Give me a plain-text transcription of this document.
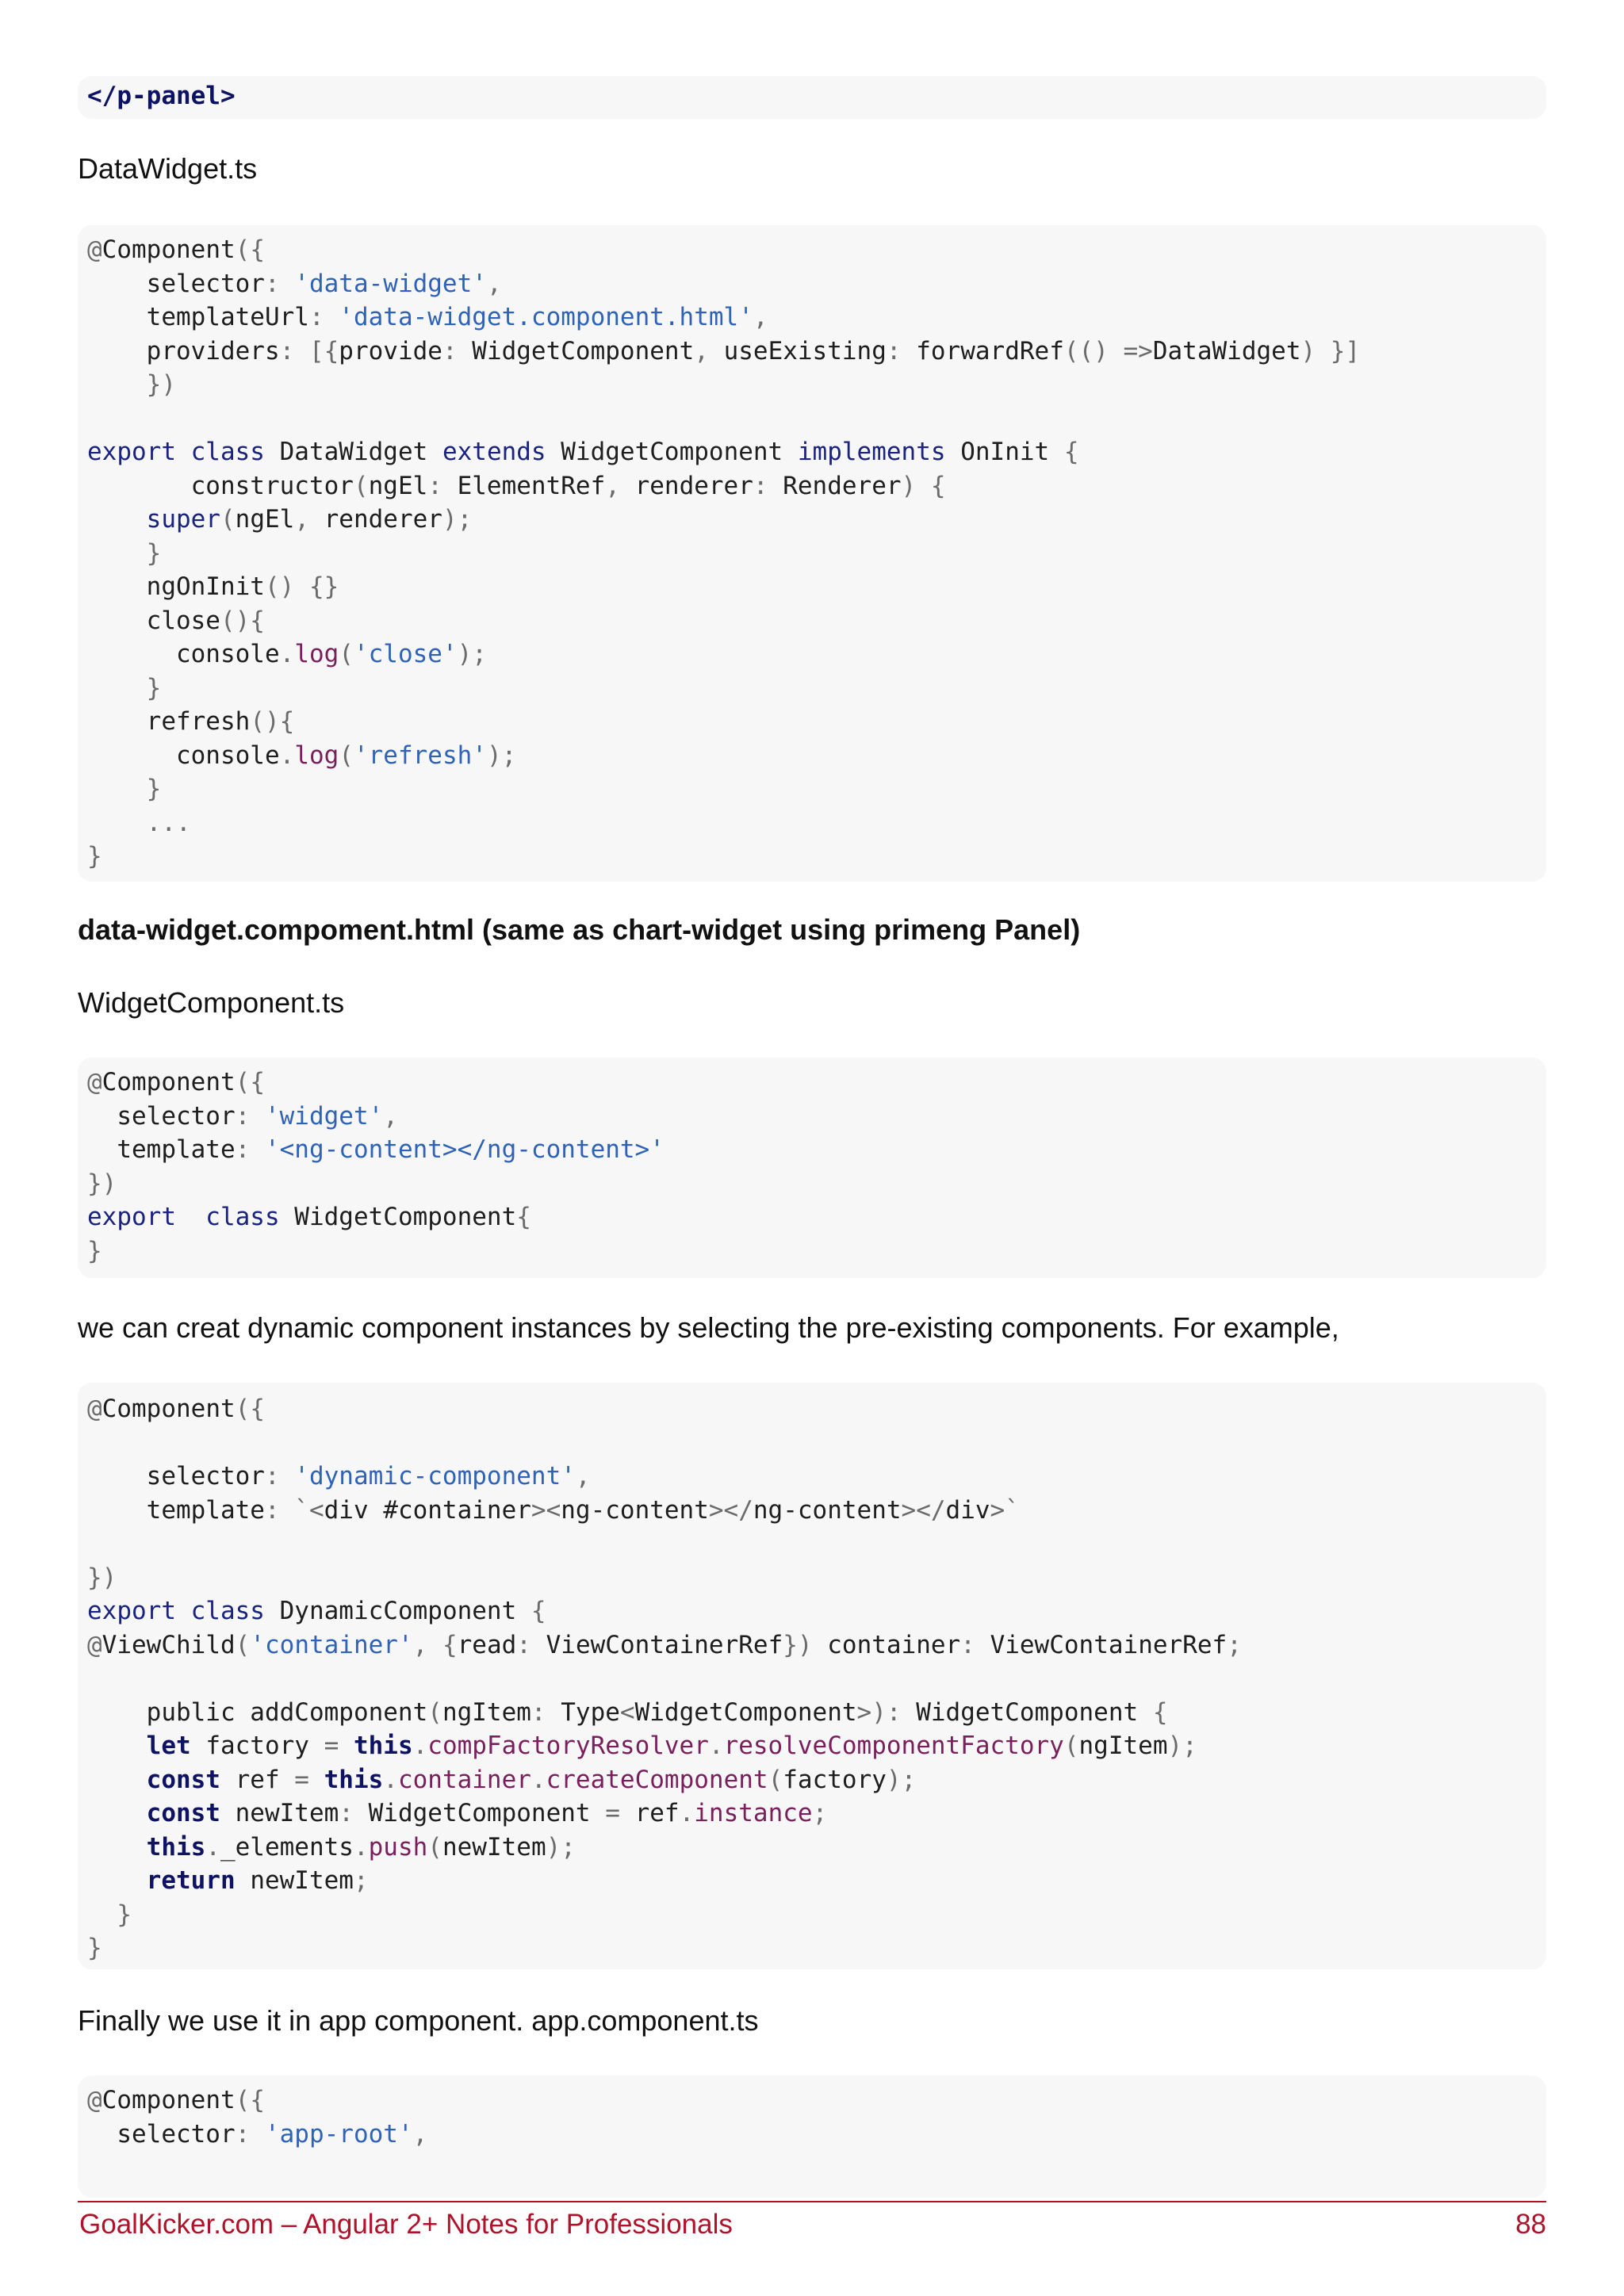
</p-panel>
DataWidget.ts
@Component({
selector: 'data-widget',
templateUrl: 'data-widget.component.html',
providers: [{provide: WidgetComponent, useExisting: forwardRef(() =>DataWidget) }]
})
export class DataWidget extends WidgetComponent implements OnInit {
constructor(ngEl: ElementRef, renderer: Renderer) {
super(ngEl, renderer);
}
ngOnInit() {}
close(){
console.log('close');
}
refresh(){
console.log('refresh');
}
...
}
data-widget.compoment.html (same as chart-widget using primeng Panel)
WidgetComponent.ts
@Component({
selector: 'widget',
template: '<ng-content></ng-content>'
})
export  class WidgetComponent{
}
we can creat dynamic component instances by selecting the pre-existing components. For example,
@Component({
selector: 'dynamic-component',
template: `<div #container><ng-content></ng-content></div>`
})
export class DynamicComponent {
@ViewChild('container', {read: ViewContainerRef}) container: ViewContainerRef;
public addComponent(ngItem: Type<WidgetComponent>): WidgetComponent {
let factory = this.compFactoryResolver.resolveComponentFactory(ngItem);
const ref = this.container.createComponent(factory);
const newItem: WidgetComponent = ref.instance;
this._elements.push(newItem);
return newItem;
}
}
Finally we use it in app component. app.component.ts
@Component({
selector: 'app-root',
GoalKicker.com – Angular 2+ Notes for Professionals	88
